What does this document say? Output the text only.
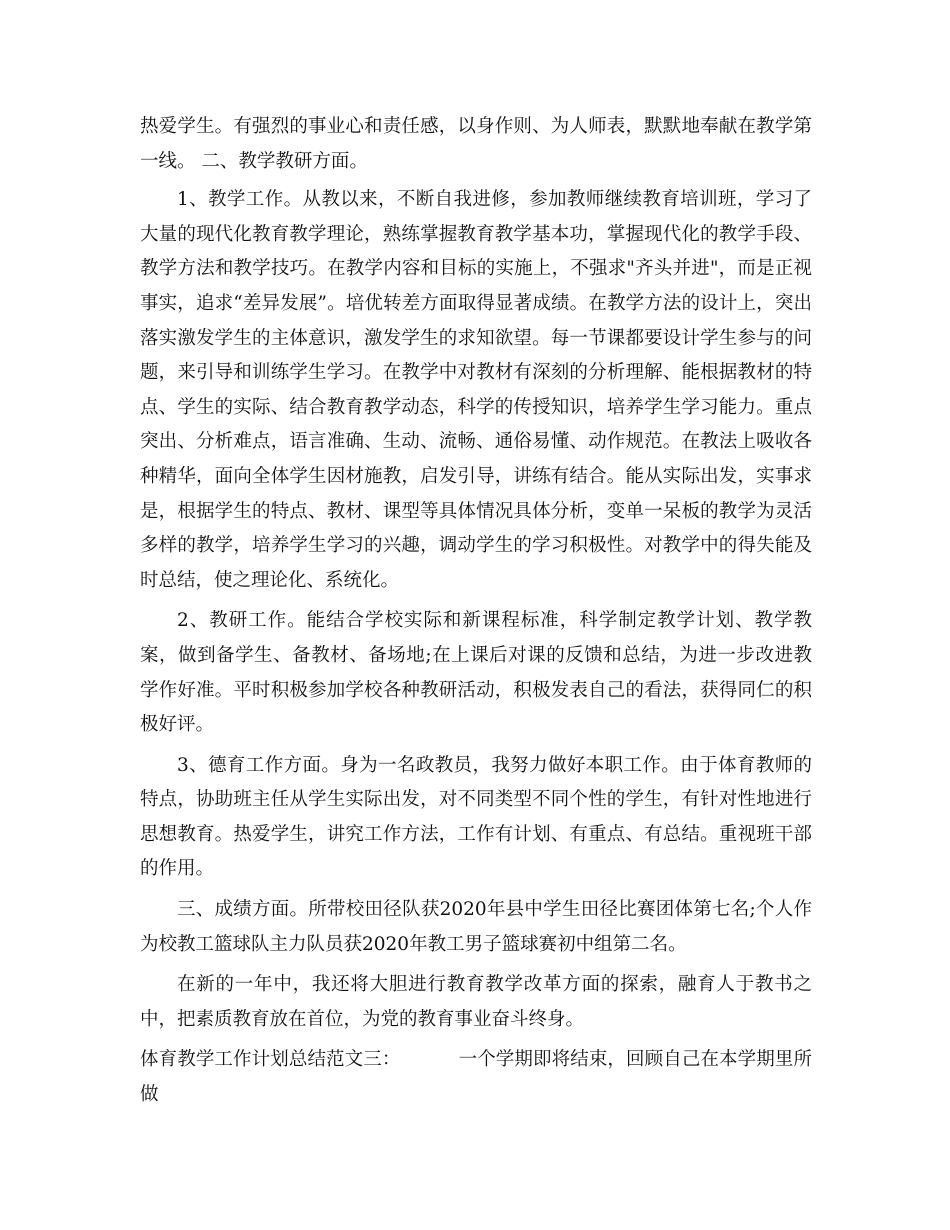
热爱学生。有强烈的事业心和责任感，以身作则、为人师表，默默地奉献在教学第一线。 二、教学教研方面。

1、教学工作。从教以来，不断自我进修，参加教师继续教育培训班，学习了大量的现代化教育教学理论，熟练掌握教育教学基本功，掌握现代化的教学手段、教学方法和教学技巧。在教学内容和目标的实施上，不强求"齐头并进"，而是正视事实，追求“差异发展”。培优转差方面取得显著成绩。在教学方法的设计上，突出落实激发学生的主体意识，激发学生的求知欲望。每一节课都要设计学生参与的问题，来引导和训练学生学习。在教学中对教材有深刻的分析理解、能根据教材的特点、学生的实际、结合教育教学动态，科学的传授知识，培养学生学习能力。重点突出、分析难点，语言准确、生动、流畅、通俗易懂、动作规范。在教法上吸收各种精华，面向全体学生因材施教，启发引导，讲练有结合。能从实际出发，实事求是，根据学生的特点、教材、课型等具体情况具体分析，变单一呆板的教学为灵活多样的教学，培养学生学习的兴趣，调动学生的学习积极性。对教学中的得失能及时总结，使之理论化、系统化。

2、教研工作。能结合学校实际和新课程标准，科学制定教学计划、教学教案，做到备学生、备教材、备场地;在上课后对课的反馈和总结，为进一步改进教学作好准。平时积极参加学校各种教研活动，积极发表自己的看法，获得同仁的积极好评。

3、德育工作方面。身为一名政教员，我努力做好本职工作。由于体育教师的特点，协助班主任从学生实际出发，对不同类型不同个性的学生，有针对性地进行思想教育。热爱学生，讲究工作方法，工作有计划、有重点、有总结。重视班干部的作用。

三、成绩方面。所带校田径队获2020年县中学生田径比赛团体第七名;个人作为校教工篮球队主力队员获2020年教工男子篮球赛初中组第二名。

在新的一年中，我还将大胆进行教育教学改革方面的探索，融育人于教书之中，把素质教育放在首位，为党的教育事业奋斗终身。

体育教学工作计划总结范文三：	一个学期即将结束，回顾自己在本学期里所做
